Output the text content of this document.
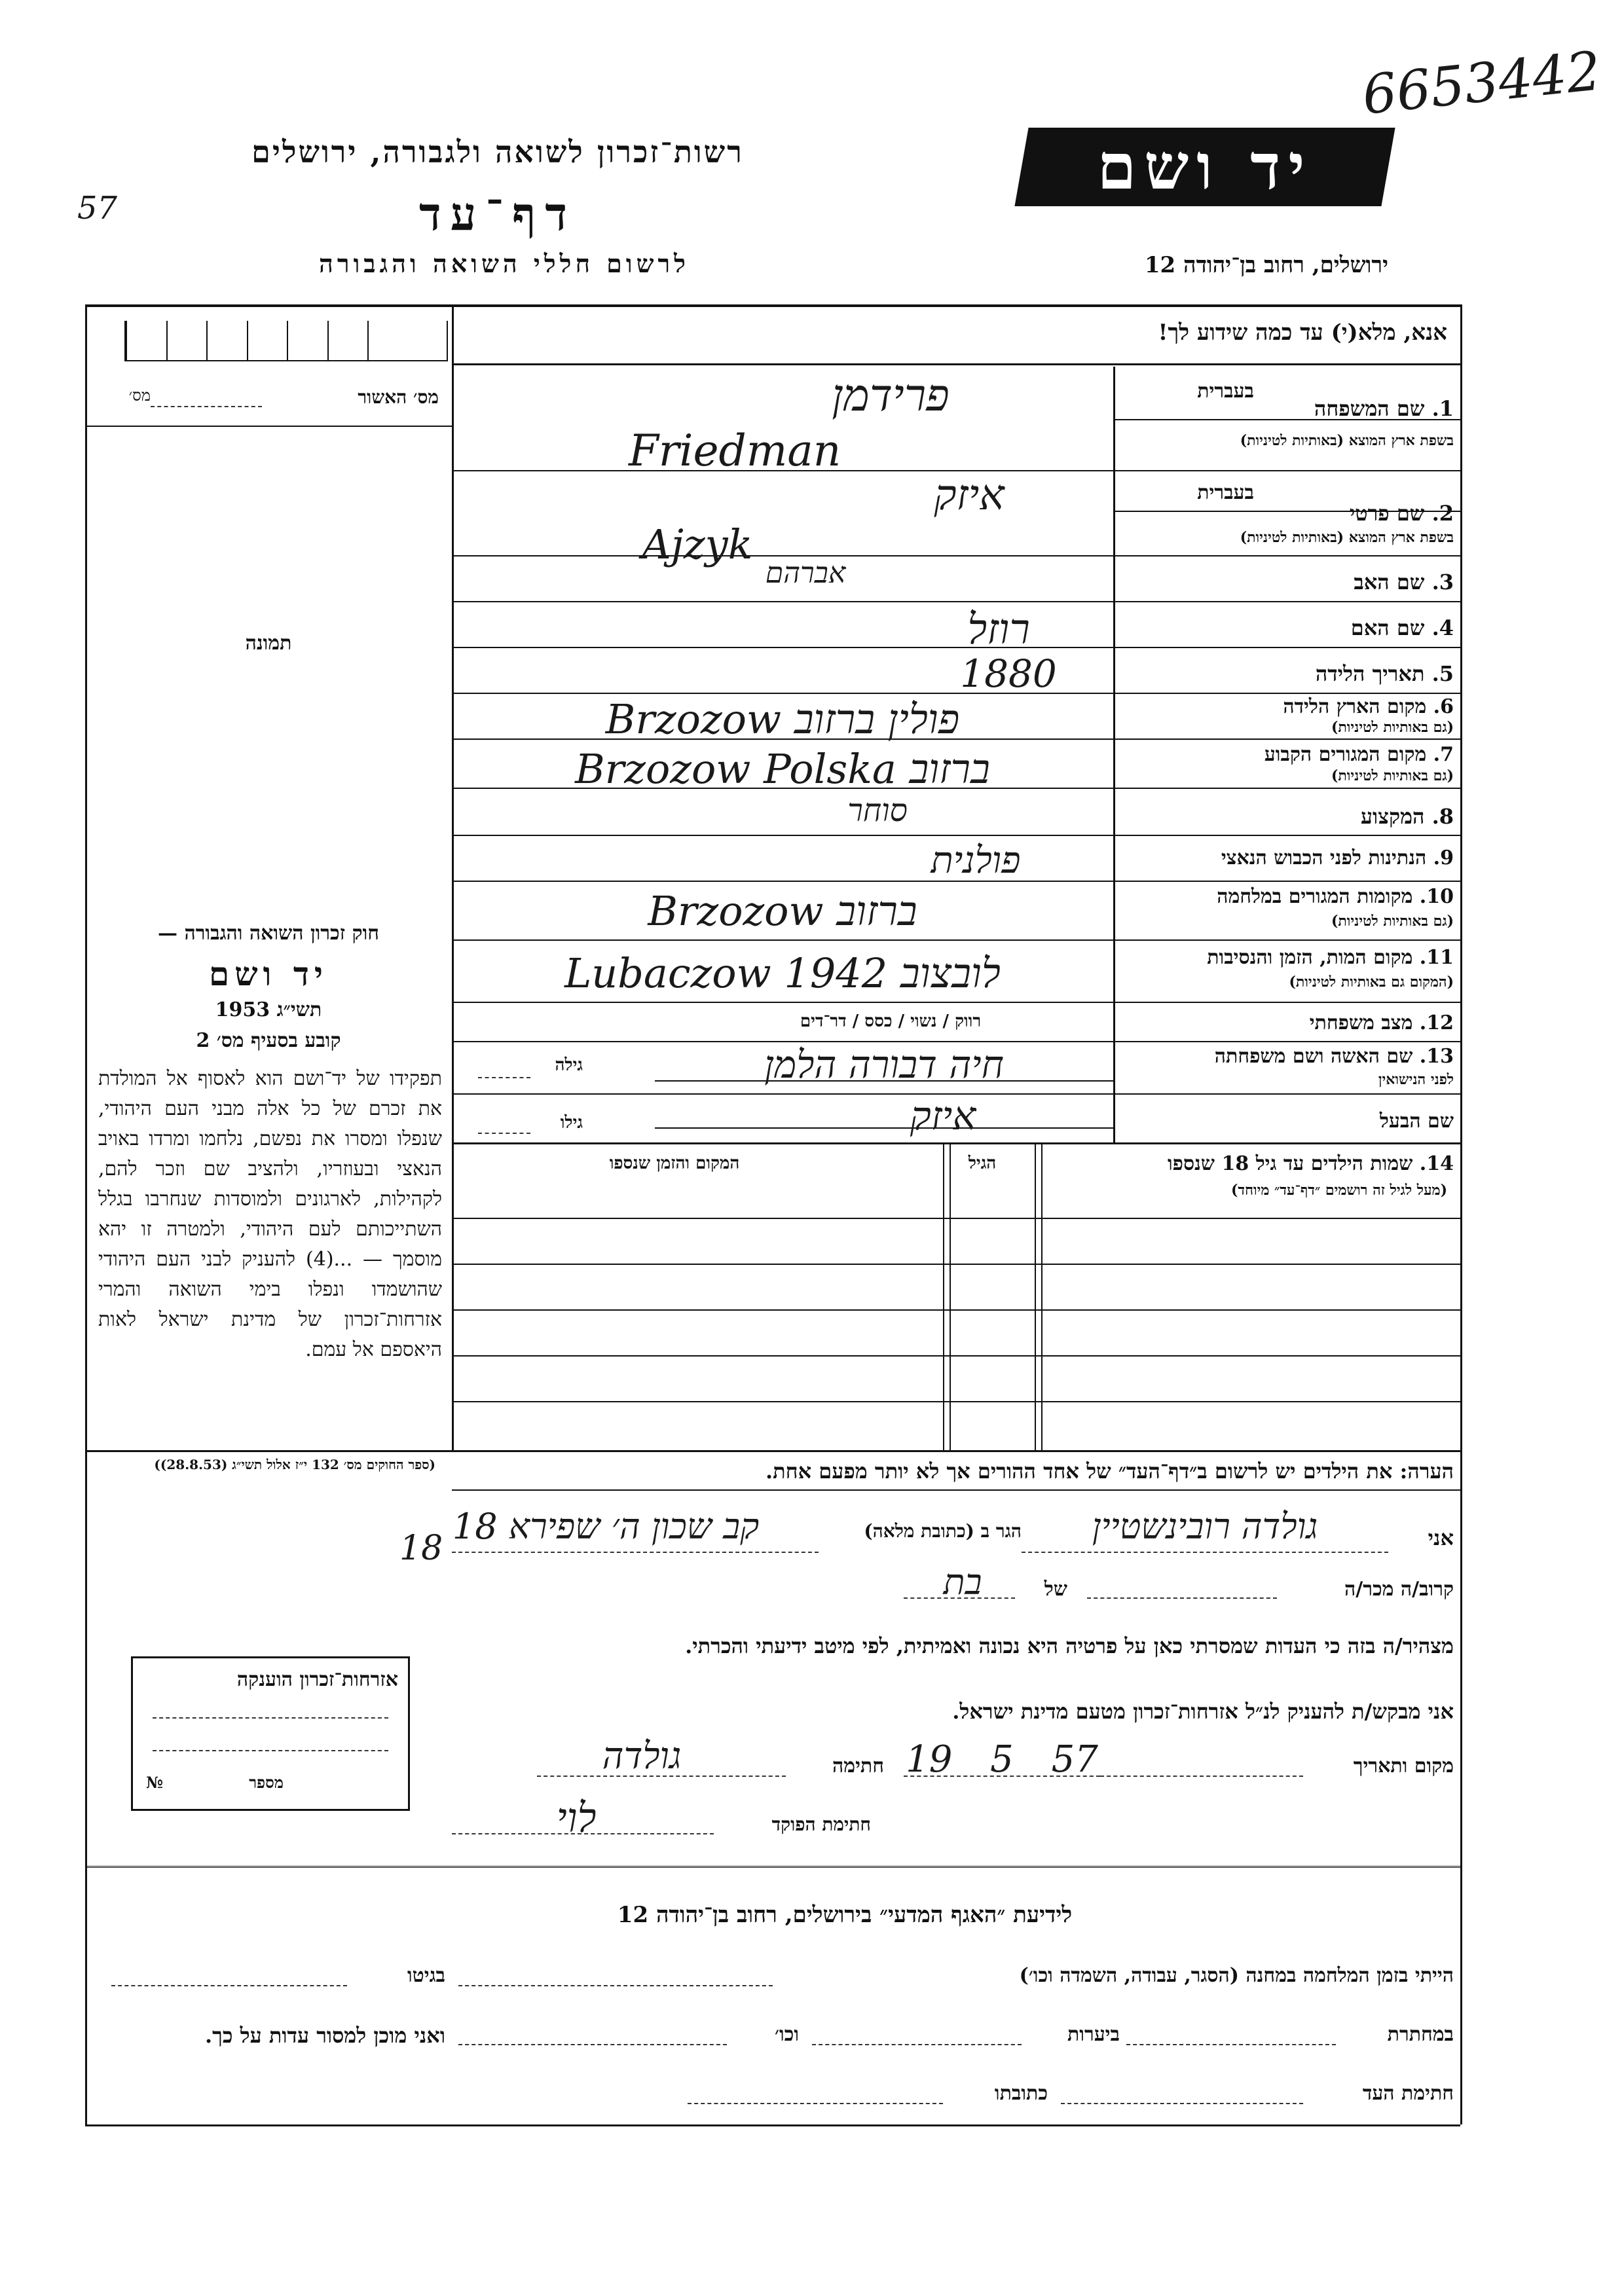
6653442
57
רשות־זכרון לשואה ולגבורה, ירושלים
דף־עד
לרשום חללי השואה והגבורה
יד ושם
ירושלים, רחוב בן־יהודה 12
אנא, מלא(י) עד כמה שידוע לך!
מס׳ האשור
מס׳
תמונה
בעברית
1. שם המשפחה
בשפת ארץ המוצא (באותיות לטיניות)
בעברית
2. שם פרטי
בשפת ארץ המוצא (באותיות לטיניות)
3. שם האב
4. שם האם
5. תאריך הלידה
6. מקום הארץ הלידה
(גם באותיות לטיניות)
7. מקום המגורים הקבוע
(גם באותיות לטיניות)
8. המקצוע
9. הנתינות לפני הכבוש הנאצי
10. מקומות המגורים במלחמה
(גם באותיות לטיניות)
11. מקום המות, הזמן והנסיבות
(המקום גם באותיות לטיניות)
12. מצב משפחתי
13. שם האשה ושם משפחתה
לפני הנישואין
שם הבעל
פרידמן
Friedman
איזק
Ajzyk
אברהם
רוזל
1880
Brzozow פולין ברזוב
Brzozow Polska ברזוב
סוחר
פולנית
Brzozow ברזוב
Lubaczow לובצוב 1942
רווק / נשוי / כסס / דר־דים
חיה דבורה הלמן
גילה
איזק
גילו
14. שמות הילדים עד גיל 18 שנספו
(מעל לגיל זה רושמים ״דף־עד״ מיוחד)
הגיל
המקום והזמן שנספו
חוק זכרון השואה והגבורה —
יד ושם
תשי״ג 1953
קובע בסעיף מס׳ 2
תפקידו של יד־ושם הוא לאסוף אל המולדת את זכרם של כל אלה מבני העם היהודי, שנפלו ומסרו את נפשם, נלחמו ומרדו באויב הנאצי ובעוזריו, ולהציב שם וזכר להם, לקהילות, לארגונים ולמוסדות שנחרבו בגלל השתייכותם לעם היהודי, ולמטרה זו יהא מוסמך — ...(4) להעניק לבני העם היהודי שהושמדו ונפלו בימי השואה והמרי אזרחות־זכרון של מדינת ישראל לאות היאספם אל עמם.
(ספר החוקים מס׳ 132 י״ז אלול תשי״ג (28.8.53))	הערה: את הילדים יש לרשום ב״דף־העד״ של אחד ההורים אך לא יותר מפעם אחת.
אני
גולדה רובינשטיין
הגר ב (כתובת מלאה)
קב שכון ה׳ שפירא 18
קרוב/ה מכר/ה
של
בת
מצהיר/ה בזה כי העדות שמסרתי כאן על פרטיה היא נכונה ואמיתית, לפי מיטב ידיעתי והכרתי.
אני מבקש/ת להעניק לנ״ל אזרחות־זכרון מטעם מדינת ישראל.
מקום ותאריך
19 5 57
חתימה
גולדה
חתימת הפוקד
לוי
18
אזרחות־זכרון הוענקה
מספר
№
לידיעת ״האגף המדעי״ בירושלים, רחוב בן־יהודה 12
הייתי בזמן המלחמה במחנה (הסגר, עבודה, השמדה וכו׳)
בגיטו
במחתרת
ביערות
וכו׳
ואני מוכן למסור עדות על כך.
חתימת העד
כתובתו
